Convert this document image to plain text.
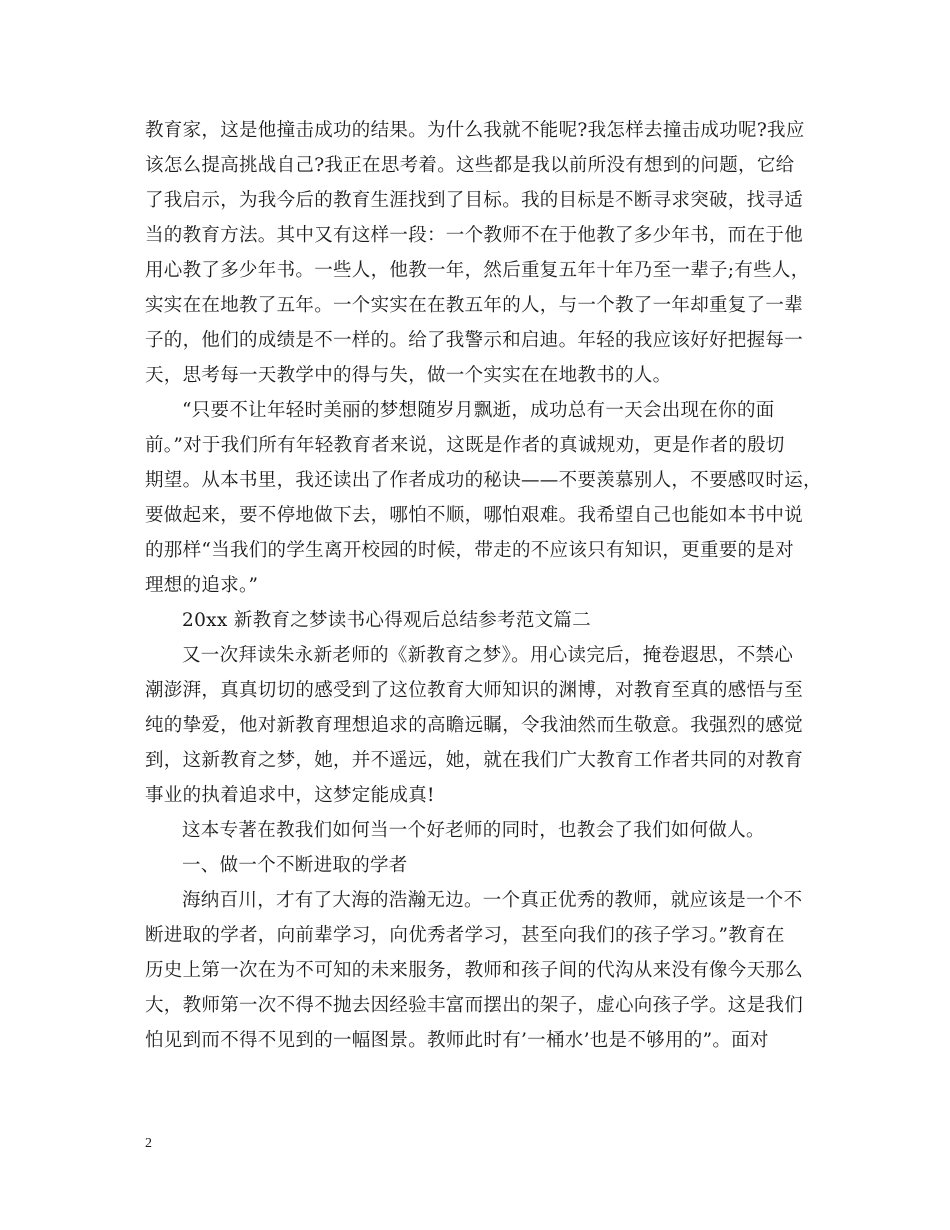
教育家，这是他撞击成功的结果。为什么我就不能呢?我怎样去撞击成功呢?我应
该怎么提高挑战自己?我正在思考着。这些都是我以前所没有想到的问题，它给
了我启示，为我今后的教育生涯找到了目标。我的目标是不断寻求突破，找寻适
当的教育方法。其中又有这样一段：一个教师不在于他教了多少年书，而在于他
用心教了多少年书。一些人，他教一年，然后重复五年十年乃至一辈子;有些人，
实实在在地教了五年。一个实实在在教五年的人，与一个教了一年却重复了一辈
子的，他们的成绩是不一样的。给了我警示和启迪。年轻的我应该好好把握每一
天，思考每一天教学中的得与失，做一个实实在在地教书的人。
“只要不让年轻时美丽的梦想随岁月飘逝，成功总有一天会出现在你的面
前。”对于我们所有年轻教育者来说，这既是作者的真诚规劝，更是作者的殷切
期望。从本书里，我还读出了作者成功的秘诀——不要羡慕别人，不要感叹时运，
要做起来，要不停地做下去，哪怕不顺，哪怕艰难。我希望自己也能如本书中说
的那样“当我们的学生离开校园的时候，带走的不应该只有知识，更重要的是对
理想的追求。”
20xx 新教育之梦读书心得观后总结参考范文篇二
又一次拜读朱永新老师的《新教育之梦》。用心读完后，掩卷遐思，不禁心
潮澎湃，真真切切的感受到了这位教育大师知识的渊博，对教育至真的感悟与至
纯的挚爱，他对新教育理想追求的高瞻远瞩，令我油然而生敬意。我强烈的感觉
到，这新教育之梦，她，并不遥远，她，就在我们广大教育工作者共同的对教育
事业的执着追求中，这梦定能成真!
这本专著在教我们如何当一个好老师的同时，也教会了我们如何做人。
一、做一个不断进取的学者
海纳百川，才有了大海的浩瀚无边。一个真正优秀的教师，就应该是一个不
断进取的学者，向前辈学习，向优秀者学习，甚至向我们的孩子学习。”教育在
历史上第一次在为不可知的未来服务，教师和孩子间的代沟从来没有像今天那么
大，教师第一次不得不抛去因经验丰富而摆出的架子，虚心向孩子学。这是我们
怕见到而不得不见到的一幅图景。教师此时有’一桶水’也是不够用的”。面对
2
